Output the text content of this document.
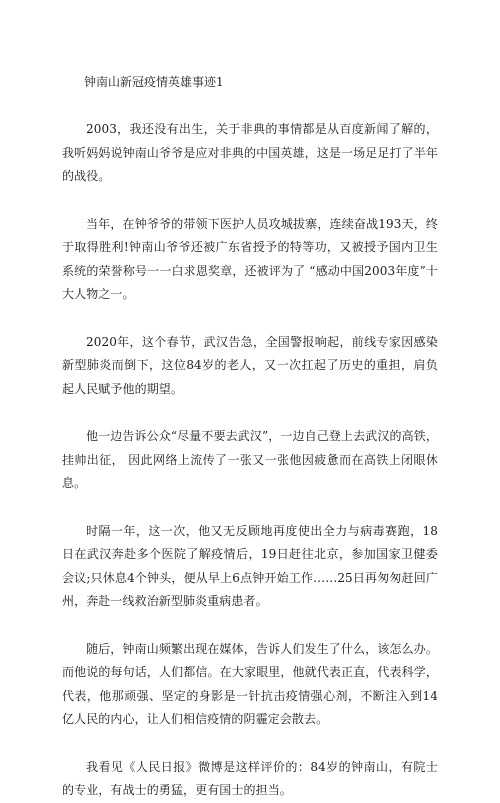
钟南山新冠疫情英雄事迹1

2003，我还没有出生，关于非典的事情都是从百度新闻了解的，我听妈妈说钟南山爷爷是应对非典的中国英雄，这是一场足足打了半年的战役。

当年，在钟爷爷的带领下医护人员攻城拔寨，连续奋战193天，终于取得胜利!钟南山爷爷还被广东省授予的特等功，又被授予国内卫生系统的荣誉称号一一白求恩奖章，还被评为了 “感动中国2003年度”十大人物之一。

2020年，这个春节，武汉告急，全国警报响起，前线专家因感染新型肺炎而倒下，这位84岁的老人，又一次扛起了历史的重担，肩负起人民赋予他的期望。

他一边告诉公众“尽量不要去武汉”，一边自己登上去武汉的高铁，挂帅出征， 因此网络上流传了一张又一张他因疲惫而在高铁上闭眼休息。

时隔一年，这一次，他又无反顾地再度使出全力与病毒赛跑，18日在武汉奔赴多个医院了解疫情后，19日赶往北京，参加国家卫健委会议;只休息4个钟头，便从早上6点钟开始工作……25日再匆匆赶回广州，奔赴一线救治新型肺炎重病患者。

随后，钟南山频繁出现在媒体，告诉人们发生了什么，该怎么办。而他说的每句话，人们都信。在大家眼里，他就代表正直，代表科学，代表，他那顽强、坚定的身影是一针抗击疫情强心剂，不断注入到14亿人民的内心，让人们相信疫情的阴霾定会散去。

我看见《人民日报》微博是这样评价的：84岁的钟南山，有院士的专业，有战士的勇猛，更有国士的担当。
